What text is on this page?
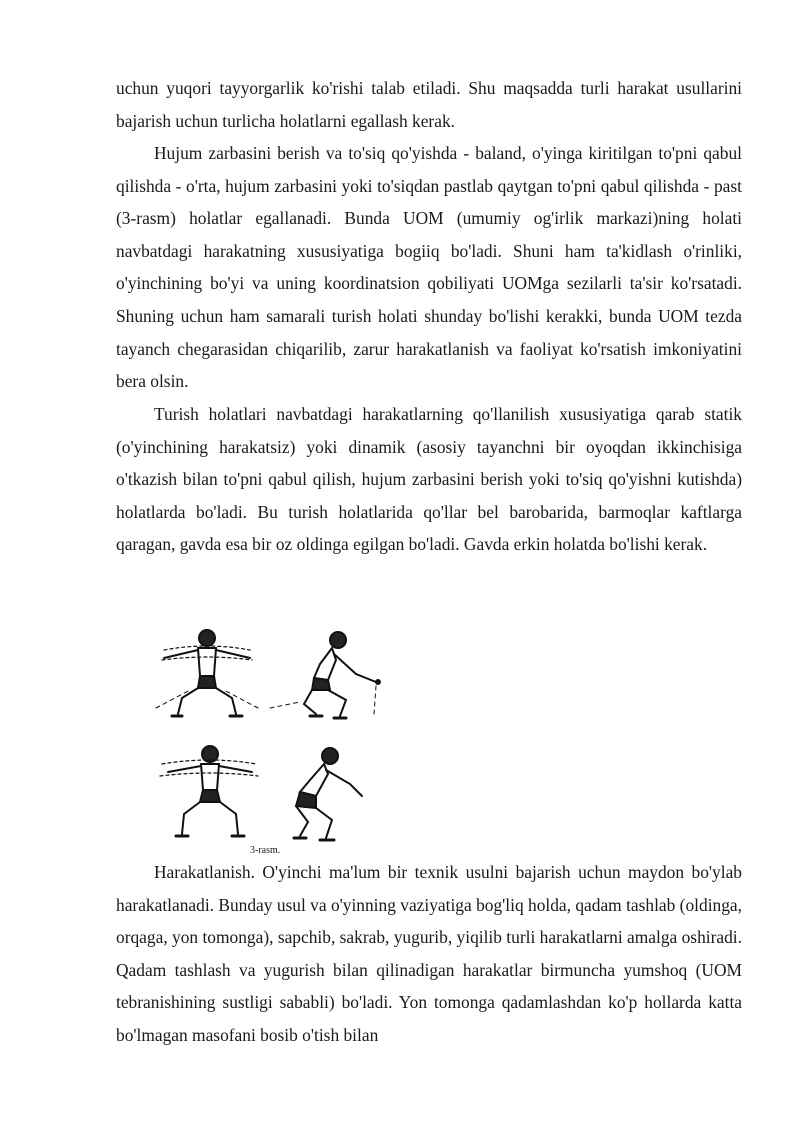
uchun yuqori tayyorgarlik ko'rishi talab etiladi. Shu maqsadda turli harakat usullarini bajarish uchun turlicha holatlarni egallash kerak.

Hujum zarbasini berish va to'siq qo'yishda - baland, o'yinga kiritilgan to'pni qabul qilishda - o'rta, hujum zarbasini yoki to'siqdan pastlab qaytgan to'pni qabul qilishda - past (3-rasm) holatlar egallanadi. Bunda UOM (umumiy og'irlik markazi)ning holati navbatdagi harakatning xususiyatiga bogiiq bo'ladi. Shuni ham ta'kidlash o'rinliki, o'yinchining bo'yi va uning koordinatsion qobiliyati UOMga sezilarli ta'sir ko'rsatadi. Shuning uchun ham samarali turish holati shunday bo'lishi kerakki, bunda UOM tezda tayanch chegarasidan chiqarilib, zarur harakatlanish va faoliyat ko'rsatish imkoniyatini bera olsin.

Turish holatlari navbatdagi harakatlarning qo'llanilish xususiyatiga qarab statik (o'yinchining harakatsiz) yoki dinamik (asosiy tayanchni bir oyoqdan ikkinchisiga o'tkazish bilan to'pni qabul qilish, hujum zarbasini berish yoki to'siq qo'yishni kutishda) holatlarda bo'ladi. Bu turish holatlarida qo'llar bel barobarida, barmoqlar kaftlarga qaragan, gavda esa bir oz oldinga egilgan bo'ladi. Gavda erkin holatda bo'lishi kerak.

3-rasm.

Harakatlanish. O'yinchi ma'lum bir texnik usulni bajarish uchun maydon bo'ylab harakatlanadi. Bunday usul va o'yinning vaziyatiga bog'liq holda, qadam tashlab (oldinga, orqaga, yon tomonga), sapchib, sakrab, yugurib, yiqilib turli harakatlarni amalga oshiradi. Qadam tashlash va yugurish bilan qilinadigan harakatlar birmuncha yumshoq (UOM tebranishining sustligi sababli) bo'ladi. Yon tomonga qadamlashdan ko'p hollarda katta bo'lmagan masofani bosib o'tish bilan
